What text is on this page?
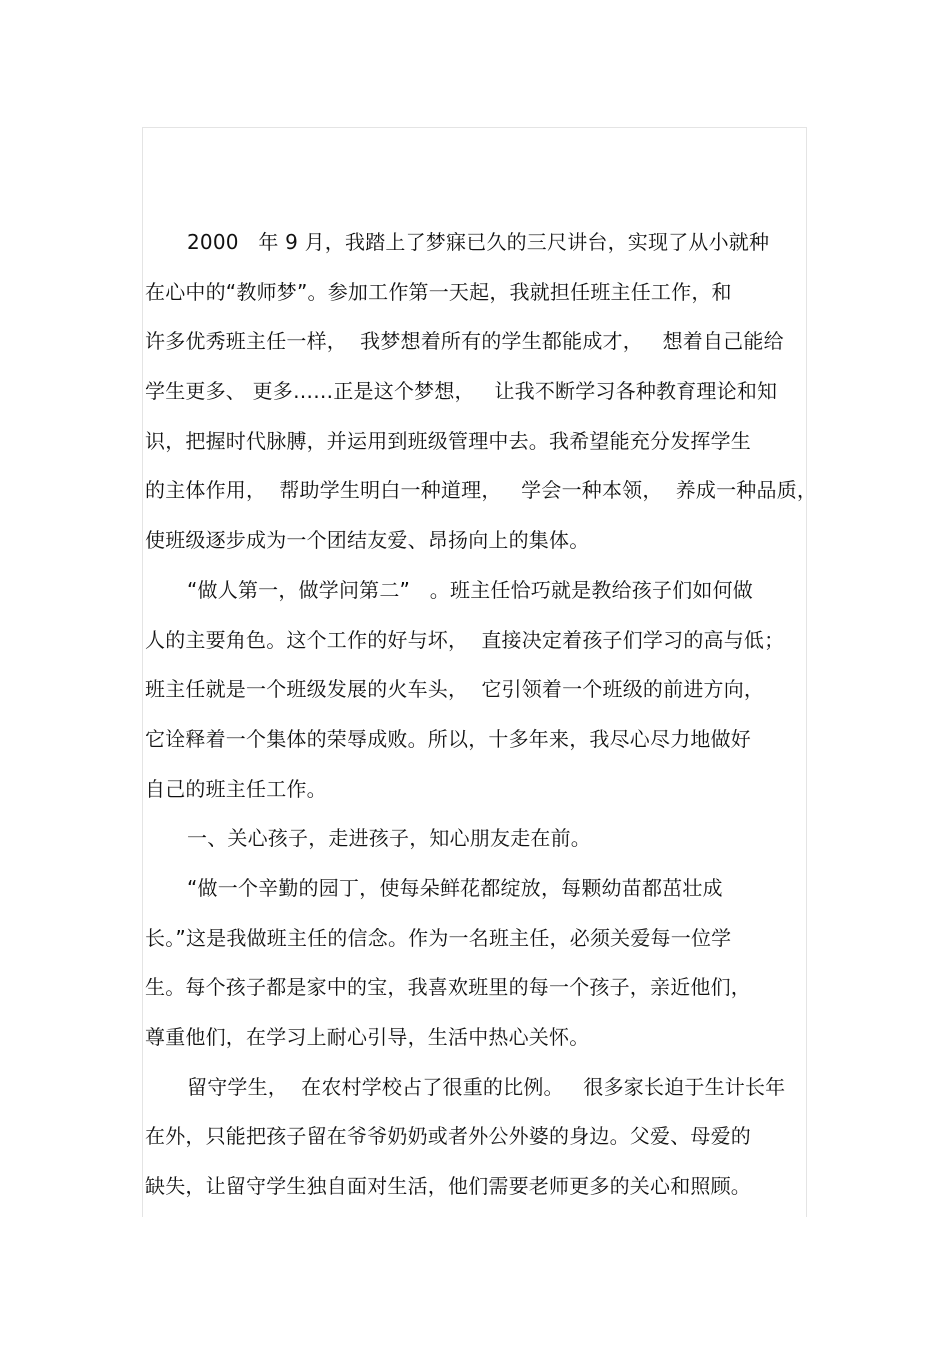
2000   年 9 月，我踏上了梦寐已久的三尺讲台，实现了从小就种
在心中的“教师梦”。参加工作第一天起，我就担任班主任工作，和
许多优秀班主任一样，  我梦想着所有的学生都能成才，   想着自己能给
学生更多、 更多……正是这个梦想，   让我不断学习各种教育理论和知
识，把握时代脉膊，并运用到班级管理中去。我希望能充分发挥学生
的主体作用，  帮助学生明白一种道理，   学会一种本领，  养成一种品质，
使班级逐步成为一个团结友爱、昂扬向上的集体。
“做人第一，做学问第二”   。班主任恰巧就是教给孩子们如何做
人的主要角色。这个工作的好与坏，  直接决定着孩子们学习的高与低；
班主任就是一个班级发展的火车头，  它引领着一个班级的前进方向，
它诠释着一个集体的荣辱成败。所以，十多年来，我尽心尽力地做好
自己的班主任工作。
一、关心孩子，走进孩子，知心朋友走在前。
“做一个辛勤的园丁，使每朵鲜花都绽放，每颗幼苗都茁壮成
长。”这是我做班主任的信念。作为一名班主任，必须关爱每一位学
生。每个孩子都是家中的宝，我喜欢班里的每一个孩子，亲近他们，
尊重他们，在学习上耐心引导，生活中热心关怀。
留守学生，  在农村学校占了很重的比例。   很多家长迫于生计长年
在外，只能把孩子留在爷爷奶奶或者外公外婆的身边。父爱、母爱的
缺失，让留守学生独自面对生活，他们需要老师更多的关心和照顾。
